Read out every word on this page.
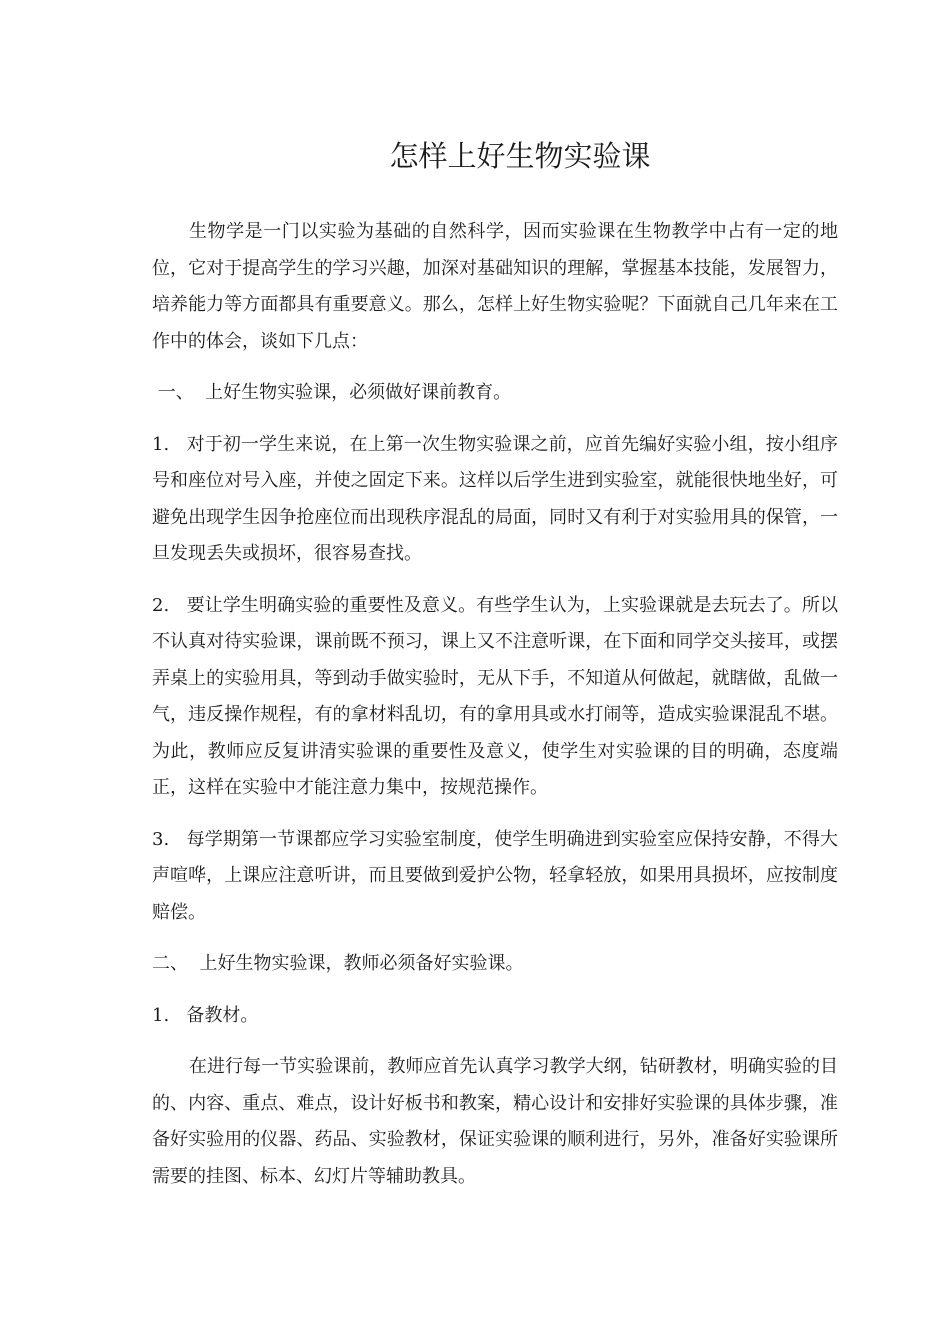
怎样上好生物实验课

生物学是一门以实验为基础的自然科学，因而实验课在生物教学中占有一定的地位，它对于提高学生的学习兴趣，加深对基础知识的理解，掌握基本技能，发展智力，培养能力等方面都具有重要意义。那么，怎样上好生物实验呢？下面就自己几年来在工作中的体会，谈如下几点：

一、  上好生物实验课，必须做好课前教育。

1.   对于初一学生来说，在上第一次生物实验课之前，应首先编好实验小组，按小组序号和座位对号入座，并使之固定下来。这样以后学生进到实验室，就能很快地坐好，可避免出现学生因争抢座位而出现秩序混乱的局面，同时又有利于对实验用具的保管，一旦发现丢失或损坏，很容易查找。

2.   要让学生明确实验的重要性及意义。有些学生认为，上实验课就是去玩去了。所以不认真对待实验课，课前既不预习，课上又不注意听课，在下面和同学交头接耳，或摆弄桌上的实验用具，等到动手做实验时，无从下手，不知道从何做起，就瞎做，乱做一气，违反操作规程，有的拿材料乱切，有的拿用具或水打闹等，造成实验课混乱不堪。为此，教师应反复讲清实验课的重要性及意义，使学生对实验课的目的明确，态度端正，这样在实验中才能注意力集中，按规范操作。

3.   每学期第一节课都应学习实验室制度，使学生明确进到实验室应保持安静，不得大声喧哗，上课应注意听讲，而且要做到爱护公物，轻拿轻放，如果用具损坏，应按制度赔偿。

二、  上好生物实验课，教师必须备好实验课。

1.   备教材。

在进行每一节实验课前，教师应首先认真学习教学大纲，钻研教材，明确实验的目的、内容、重点、难点，设计好板书和教案，精心设计和安排好实验课的具体步骤，准备好实验用的仪器、药品、实验教材，保证实验课的顺利进行，另外，准备好实验课所需要的挂图、标本、幻灯片等辅助教具。
